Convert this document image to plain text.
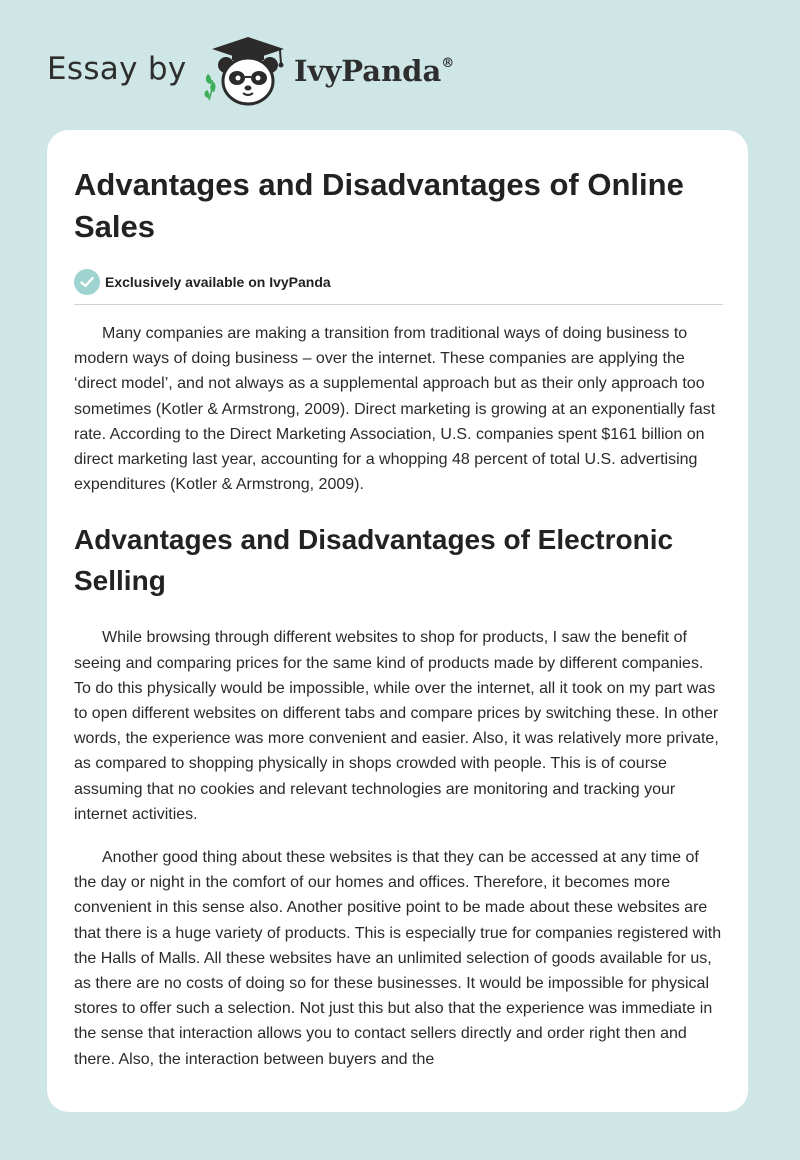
Essay by	IvyPanda®
Advantages and Disadvantages of Online Sales
Exclusively available on IvyPanda

Many companies are making a transition from traditional ways of doing business to modern ways of doing business – over the internet. These companies are applying the ‘direct model’, and not always as a supplemental approach but as their only approach too sometimes (Kotler & Armstrong, 2009). Direct marketing is growing at an exponentially fast rate. According to the Direct Marketing Association, U.S. companies spent $161 billion on direct marketing last year, accounting for a whopping 48 percent of total U.S. advertising expenditures (Kotler & Armstrong, 2009).

Advantages and Disadvantages of Electronic Selling

While browsing through different websites to shop for products, I saw the benefit of seeing and comparing prices for the same kind of products made by different companies. To do this physically would be impossible, while over the internet, all it took on my part was to open different websites on different tabs and compare prices by switching these. In other words, the experience was more convenient and easier. Also, it was relatively more private, as compared to shopping physically in shops crowded with people. This is of course assuming that no cookies and relevant technologies are monitoring and tracking your internet activities.

Another good thing about these websites is that they can be accessed at any time of the day or night in the comfort of our homes and offices. Therefore, it becomes more convenient in this sense also. Another positive point to be made about these websites are that there is a huge variety of products. This is especially true for companies registered with the Halls of Malls. All these websites have an unlimited selection of goods available for us, as there are no costs of doing so for these businesses. It would be impossible for physical stores to offer such a selection. Not just this but also that the experience was immediate in the sense that interaction allows you to contact sellers directly and order right then and there. Also, the interaction between buyers and the
